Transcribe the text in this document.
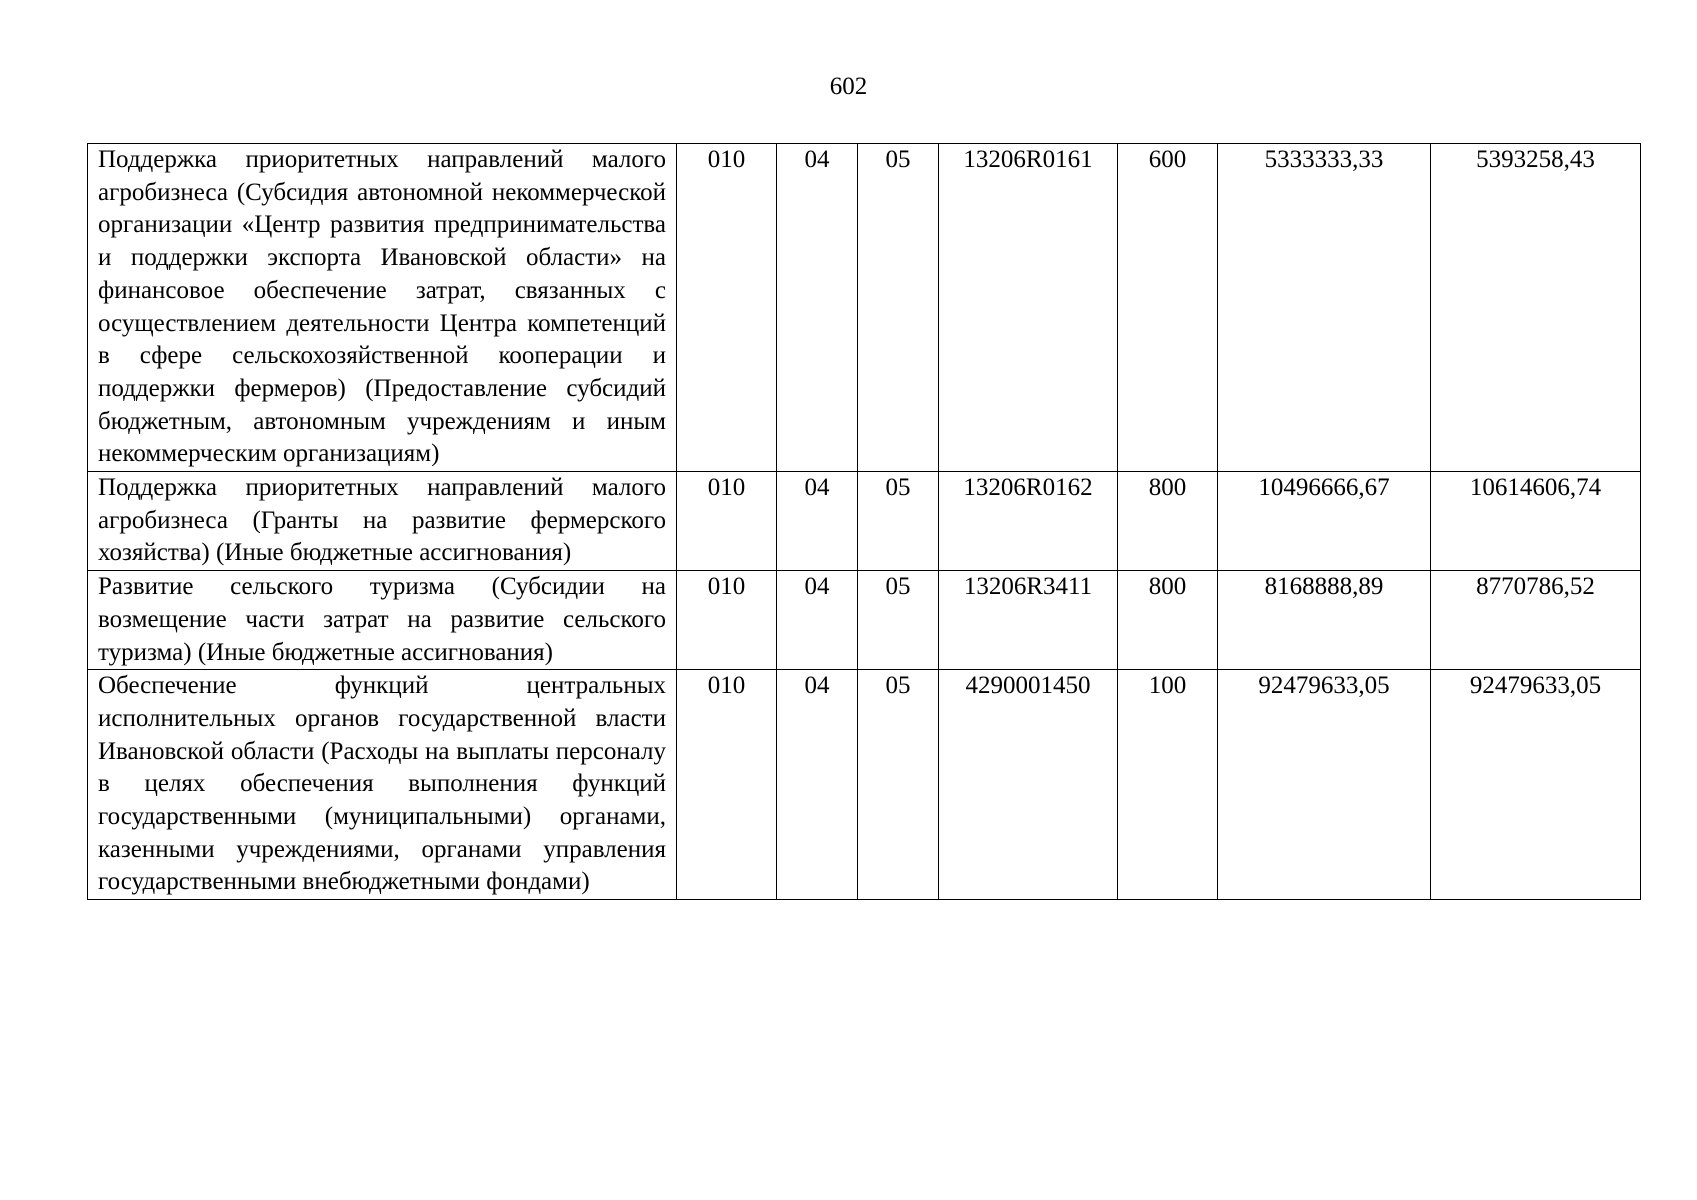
602
Поддержка приоритетных направлений малого агробизнеса (Субсидия автономной некоммерческой организации «Центр развития предпринимательства и поддержки экспорта Ивановской области» на финансовое обеспечение затрат, связанных с осуществлением деятельности Центра компетенций в сфере сельскохозяйственной кооперации и поддержки фермеров) (Предоставление субсидий бюджетным, автономным учреждениям и иным некоммерческим организациям)	010	04	05	13206R0161	600	5333333,33	5393258,43
Поддержка приоритетных направлений малого агробизнеса (Гранты на развитие фермерского хозяйства) (Иные бюджетные ассигнования)	010	04	05	13206R0162	800	10496666,67	10614606,74
Развитие сельского туризма (Субсидии на возмещение части затрат на развитие сельского туризма) (Иные бюджетные ассигнования)	010	04	05	13206R3411	800	8168888,89	8770786,52
Обеспечение функций центральных исполнительных органов государственной власти Ивановской области (Расходы на выплаты персоналу в целях обеспечения выполнения функций государственными (муниципальными) органами, казенными учреждениями, органами управления государственными внебюджетными фондами)	010	04	05	4290001450	100	92479633,05	92479633,05
